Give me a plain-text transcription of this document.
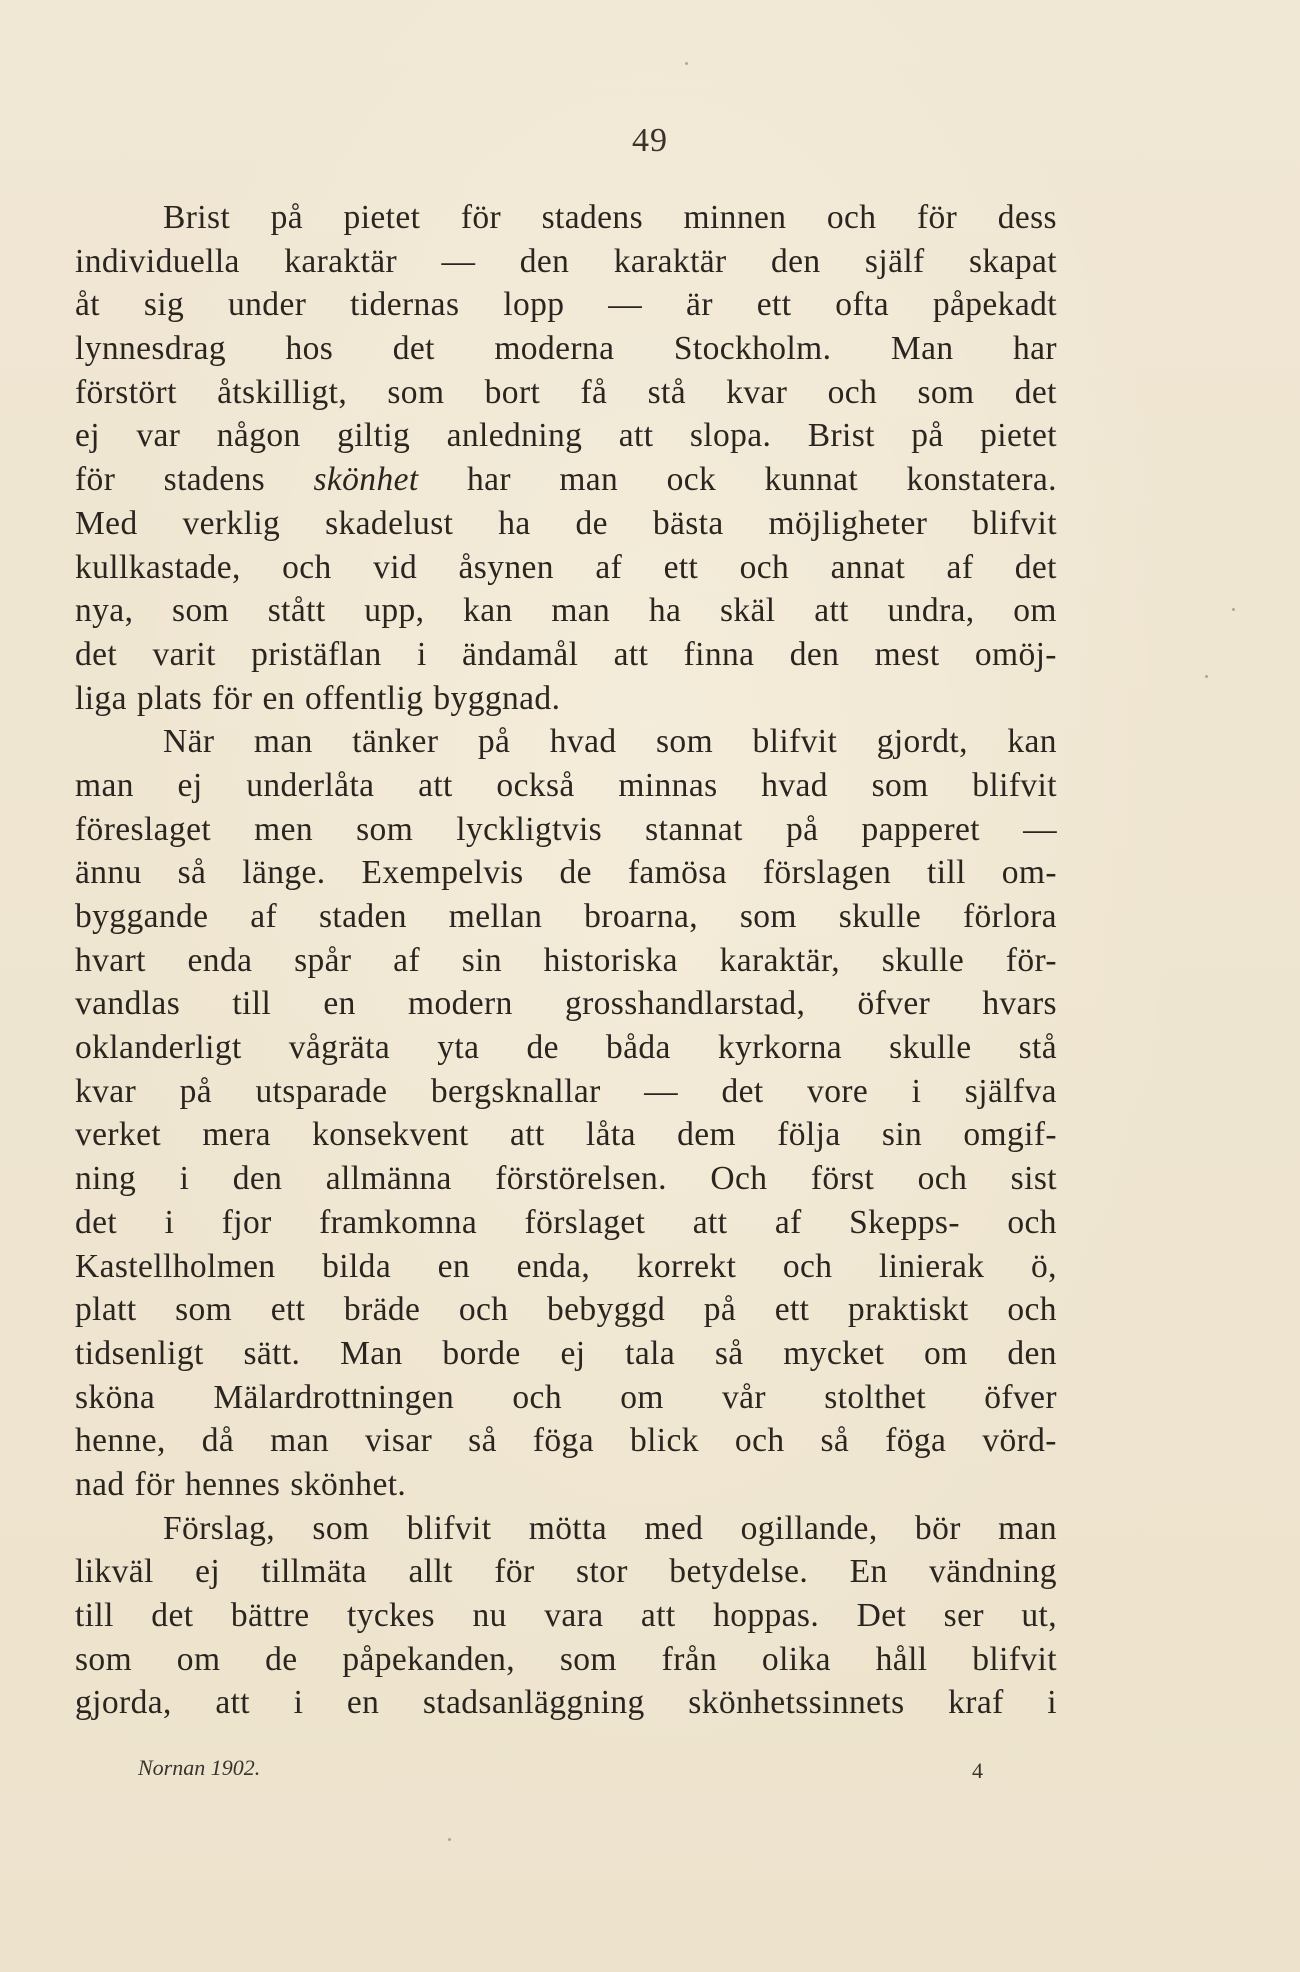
49
Brist på pietet för stadens minnen och för dess
individuella karaktär — den karaktär den själf skapat
åt sig under tidernas lopp — är ett ofta påpekadt
lynnesdrag hos det moderna Stockholm. Man har
förstört åtskilligt, som bort få stå kvar och som det
ej var någon giltig anledning att slopa. Brist på pietet
för stadens skönhet har man ock kunnat konstatera.
Med verklig skadelust ha de bästa möjligheter blifvit
kullkastade, och vid åsynen af ett och annat af det
nya, som stått upp, kan man ha skäl att undra, om
det varit pristäflan i ändamål att finna den mest omöj-
liga plats för en offentlig byggnad.
När man tänker på hvad som blifvit gjordt, kan
man ej underlåta att också minnas hvad som blifvit
föreslaget men som lyckligtvis stannat på papperet —
ännu så länge. Exempelvis de famösa förslagen till om-
byggande af staden mellan broarna, som skulle förlora
hvart enda spår af sin historiska karaktär, skulle för-
vandlas till en modern grosshandlarstad, öfver hvars
oklanderligt vågräta yta de båda kyrkorna skulle stå
kvar på utsparade bergsknallar — det vore i själfva
verket mera konsekvent att låta dem följa sin omgif-
ning i den allmänna förstörelsen. Och först och sist
det i fjor framkomna förslaget att af Skepps- och
Kastellholmen bilda en enda, korrekt och linierak ö,
platt som ett bräde och bebyggd på ett praktiskt och
tidsenligt sätt. Man borde ej tala så mycket om den
sköna Mälardrottningen och om vår stolthet öfver
henne, då man visar så föga blick och så föga vörd-
nad för hennes skönhet.
Förslag, som blifvit mötta med ogillande, bör man
likväl ej tillmäta allt för stor betydelse. En vändning
till det bättre tyckes nu vara att hoppas. Det ser ut,
som om de påpekanden, som från olika håll blifvit
gjorda, att i en stadsanläggning skönhetssinnets kraf i
Nornan 1902.	4
